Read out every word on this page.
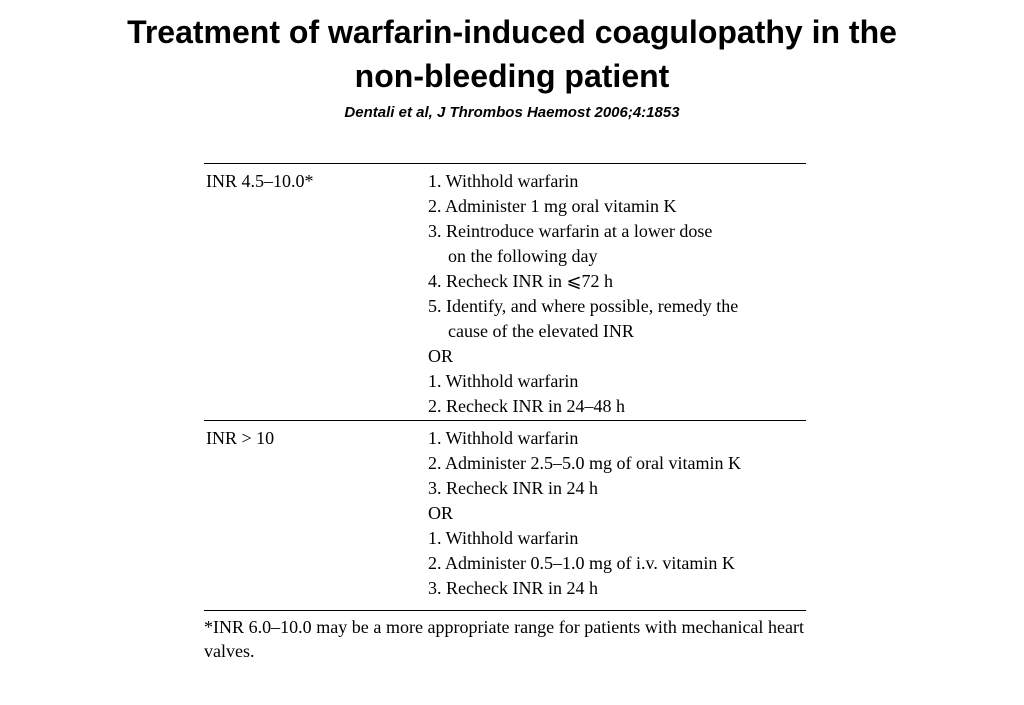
Treatment of warfarin-induced coagulopathy in the
non-bleeding patient
Dentali et al, J Thrombos Haemost 2006;4:1853
INR 4.5–10.0*	1. Withhold warfarin
2. Administer 1 mg oral vitamin K
3. Reintroduce warfarin at a lower dose
on the following day
4. Recheck INR in ⩽72 h
5. Identify, and where possible, remedy the
cause of the elevated INR
OR
1. Withhold warfarin
2. Recheck INR in 24–48 h
INR > 10	1. Withhold warfarin
2. Administer 2.5–5.0 mg of oral vitamin K
3. Recheck INR in 24 h
OR
1. Withhold warfarin
2. Administer 0.5–1.0 mg of i.v. vitamin K
3. Recheck INR in 24 h
*INR 6.0–10.0 may be a more appropriate range for patients with mechanical heart valves.
